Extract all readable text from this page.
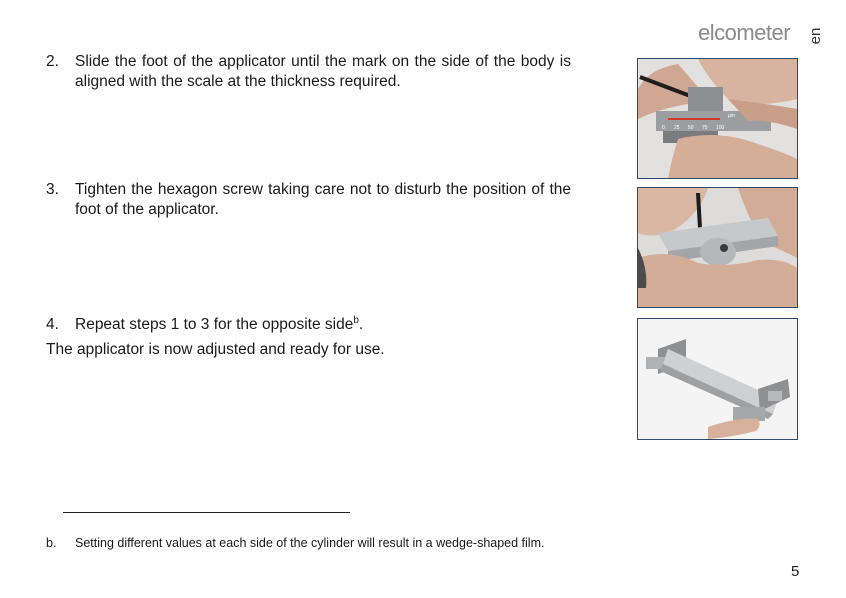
elcometer en
2.	Slide the foot of the applicator until the mark on the side of the body is aligned with the scale at the thickness required.
3.	Tighten the hexagon screw taking care not to disturb the position of the foot of the applicator.
4.	Repeat steps 1 to 3 for the opposite side$^b$.
The applicator is now adjusted and ready for use.
µm
0 25 50 75 100
b. Setting different values at each side of the cylinder will result in a wedge-shaped film.
5
